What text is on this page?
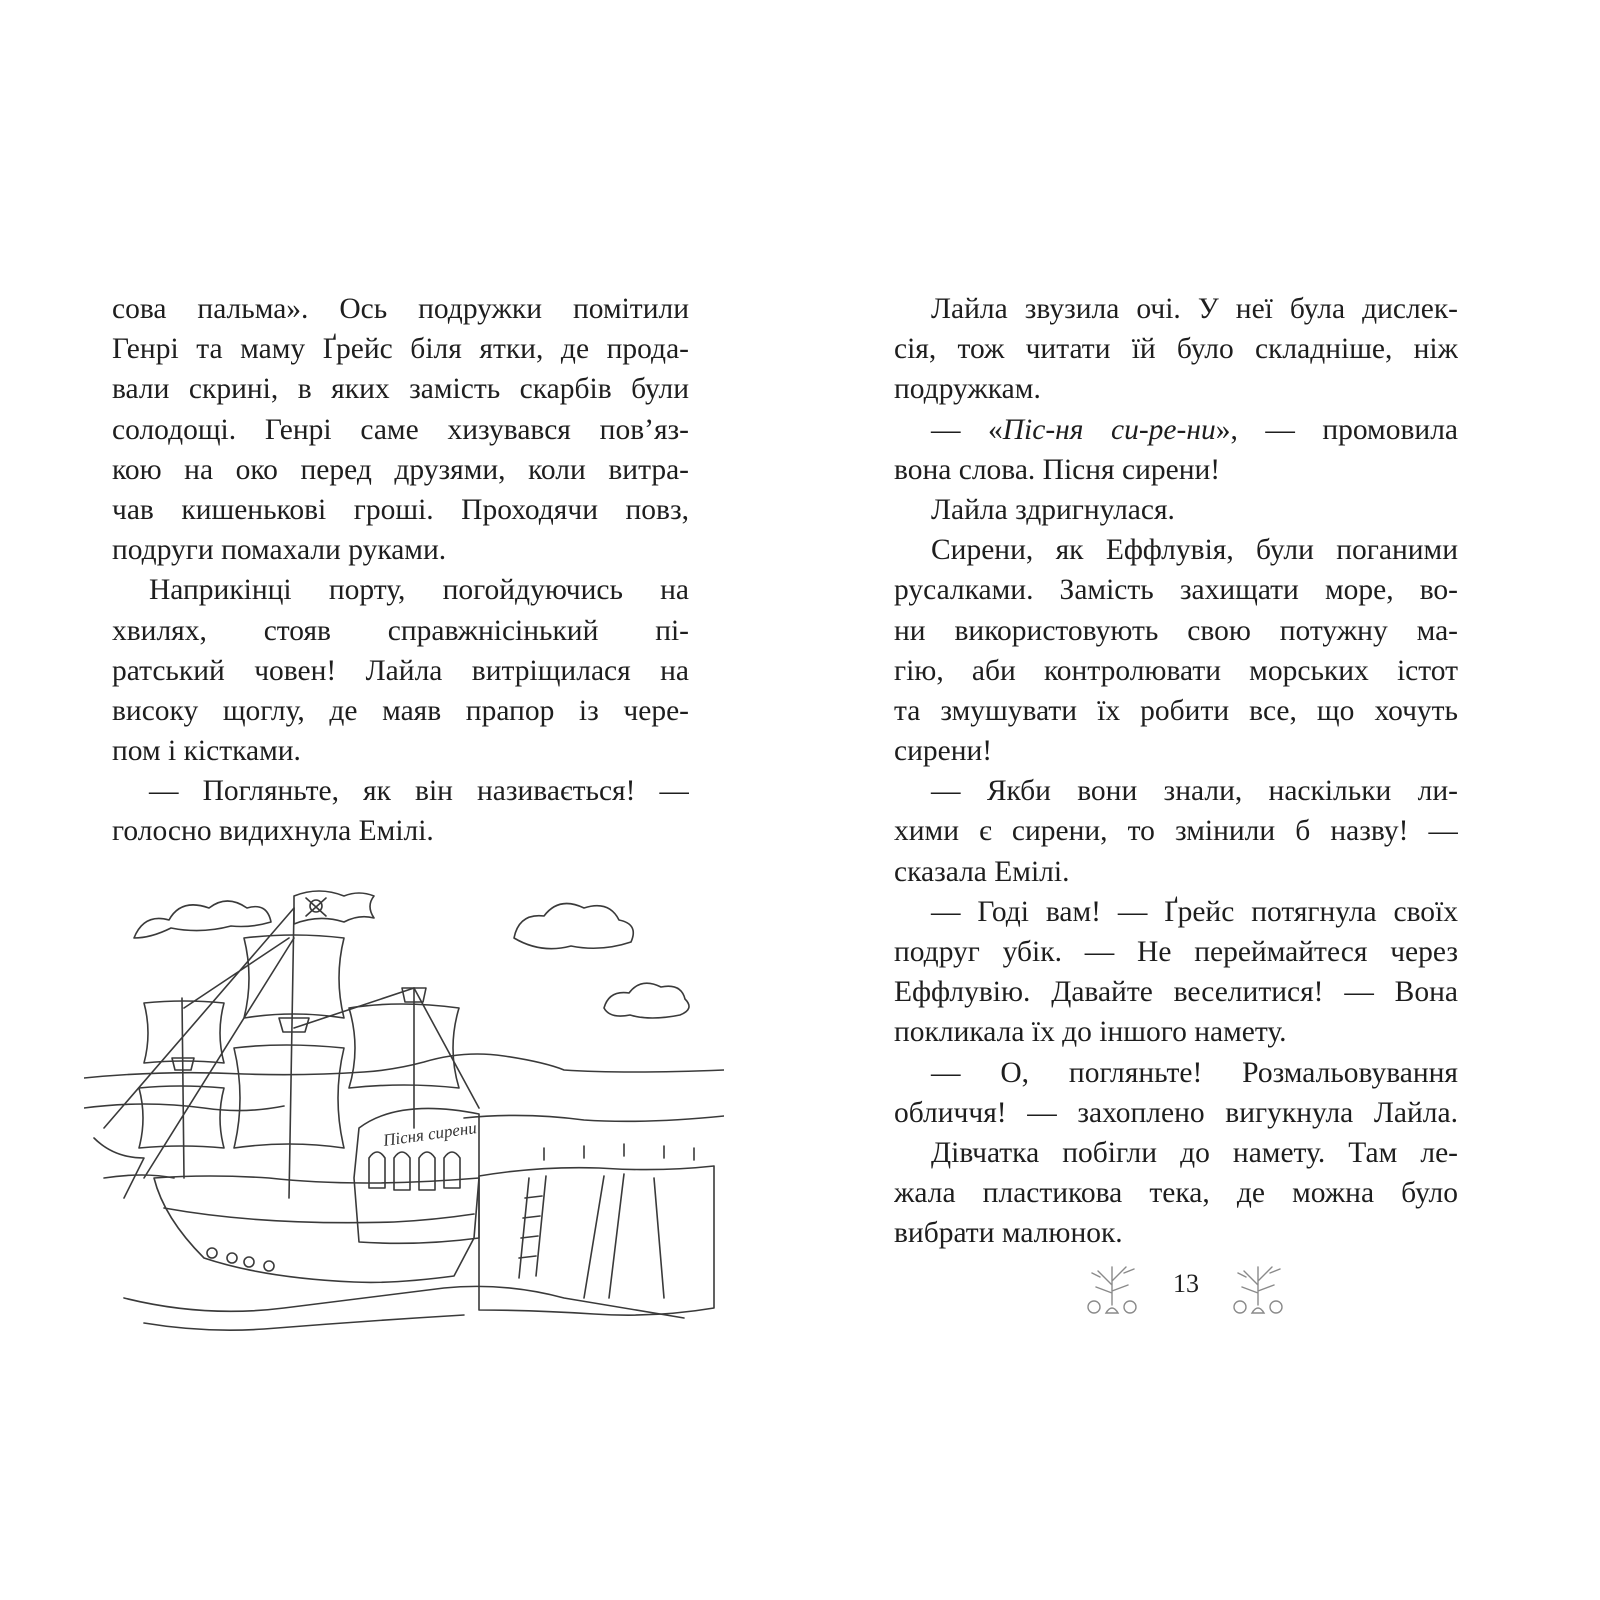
сова пальма». Ось подружки помітили
Генрі та маму Ґрейс біля ятки, де прода-
вали скрині, в яких замість скарбів були
солодощі. Генрі саме хизувався пов’яз-
кою на око перед друзями, коли витра-
чав кишенькові гроші. Проходячи повз,
подруги помахали руками.
Наприкінці порту, погойдуючись на
хвилях, стояв справжнісінький пі-
ратський човен! Лайла витріщилася на
високу щоглу, де маяв прапор із чере-
пом і кістками.
— Погляньте, як він називається! —
голосно видихнула Емілі.
Лайла звузила очі. У неї була дислек-
сія, тож читати їй було складніше, ніж
подружкам.
— «Піс-ня си-ре-ни», — промовила
вона слова. Пісня сирени!
Лайла здригнулася.
Сирени, як Еффлувія, були поганими
русалками. Замість захищати море, во-
ни використовують свою потужну ма-
гію, аби контролювати морських істот
та змушувати їх робити все, що хочуть
сирени!
— Якби вони знали, наскільки ли-
хими є сирени, то змінили б назву! —
сказала Емілі.
— Годі вам! — Ґрейс потягнула своїх
подруг убік. — Не переймайтеся через
Еффлувію. Давайте веселитися! — Вона
покликала їх до іншого намету.
— О, погляньте! Розмальовування
обличчя! — захоплено вигукнула Лайла.
Дівчатка побігли до намету. Там ле-
жала пластикова тека, де можна було
вибрати малюнок.
Пісня сирени
13
